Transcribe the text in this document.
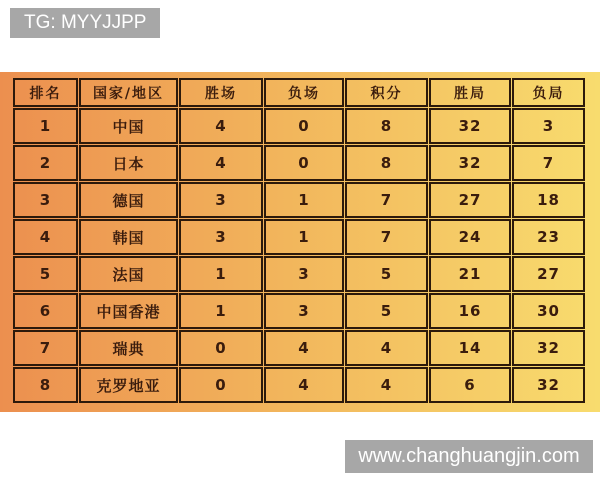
TG: MYYJJPP
排名	国家/地区	胜场	负场	积分	胜局	负局
1	中国	4	0	8	32	3
2	日本	4	0	8	32	7
3	德国	3	1	7	27	18
4	韩国	3	1	7	24	23
5	法国	1	3	5	21	27
6	中国香港	1	3	5	16	30
7	瑞典	0	4	4	14	32
8	克罗地亚	0	4	4	6	32
www.changhuangjin.com
